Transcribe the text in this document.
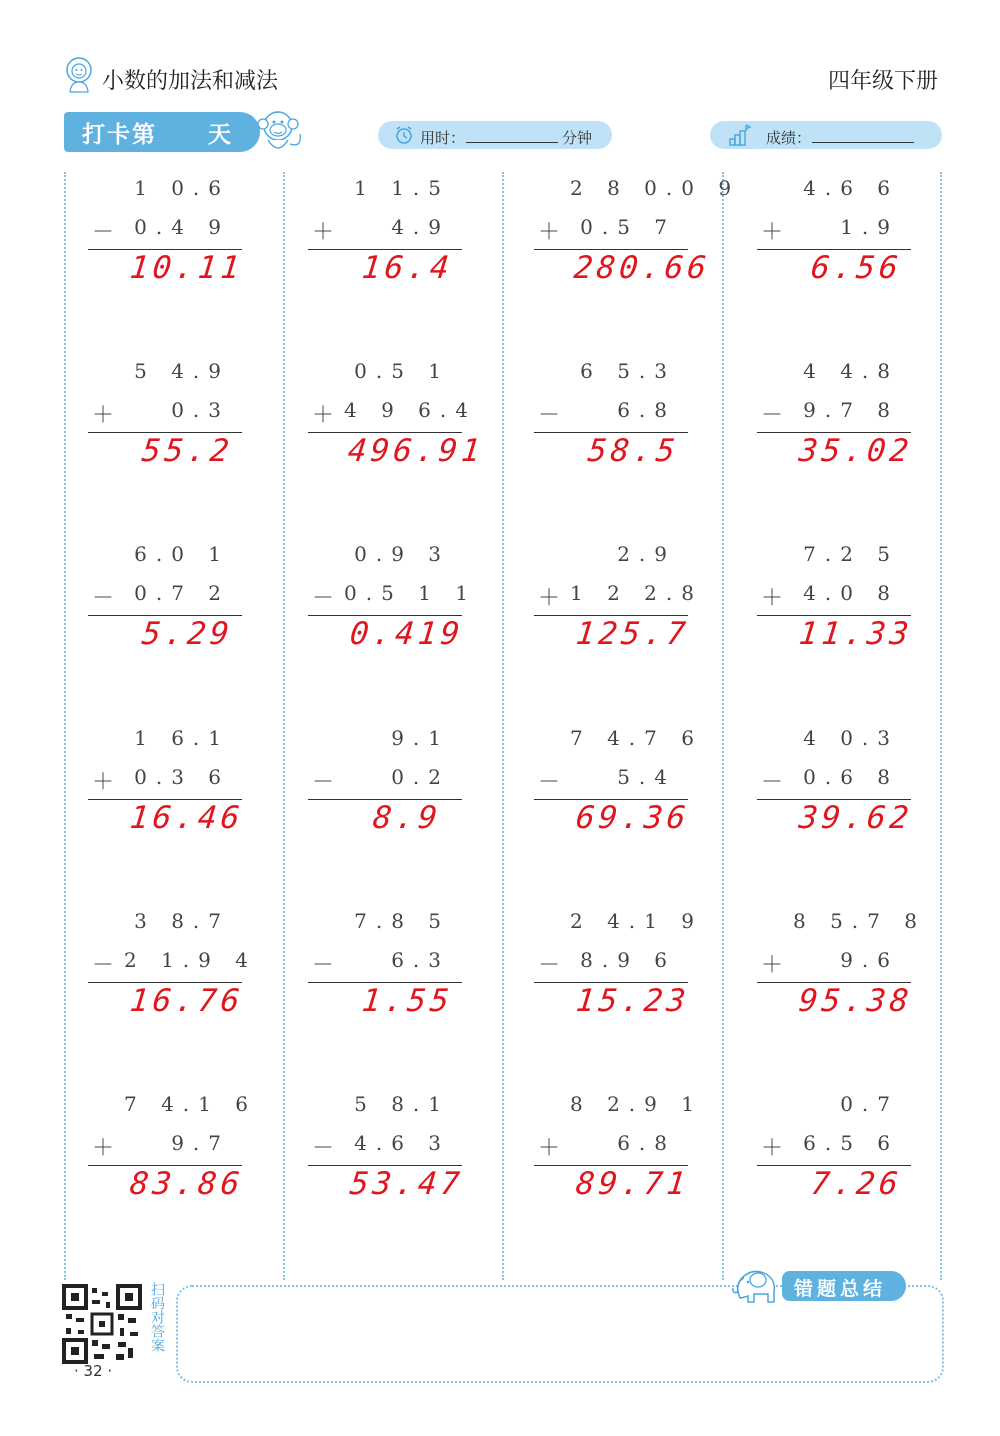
小数的加法和减法	四年级下册
打卡第 天	用时：	分钟	成绩：
1 0.6
－ 0.4 9
10.11
5 4.9
＋	0.3
55.2
6.0 1
－ 0.7 2
5.29
1 6.1
＋ 0.3 6
16.46
3 8.7
－ 2 1.9 4
16.76
7 4.1 6
＋	9.7
83.86
1 1.5
＋	4.9
16.4
0.5 1
＋ 4 9 6.4
496.91
0.9 3
－ 0.5 1 1
0.419
9.1
－	0.2
8.9
7.8 5
－	6.3
1.55
5 8.1
－ 4.6 3
53.47
2 8 0.0 9
＋ 0.5 7
280.66
6 5.3
－	6.8
58.5
2.9
＋ 1 2 2.8
125.7
7 4.7 6
－	5.4
69.36
2 4.1 9
－ 8.9 6
15.23
8 2.9 1
＋	6.8
89.71
4.6 6
＋	1.9
6.56
4 4.8
－ 9.7 8
35.02
7.2 5
＋ 4.0 8
11.33
4 0.3
－ 0.6 8
39.62
8 5.7 8
＋	9.6
95.38
0.7
＋ 6.5 6
7.26
扫码对答案
· 32 ·
错题总结
